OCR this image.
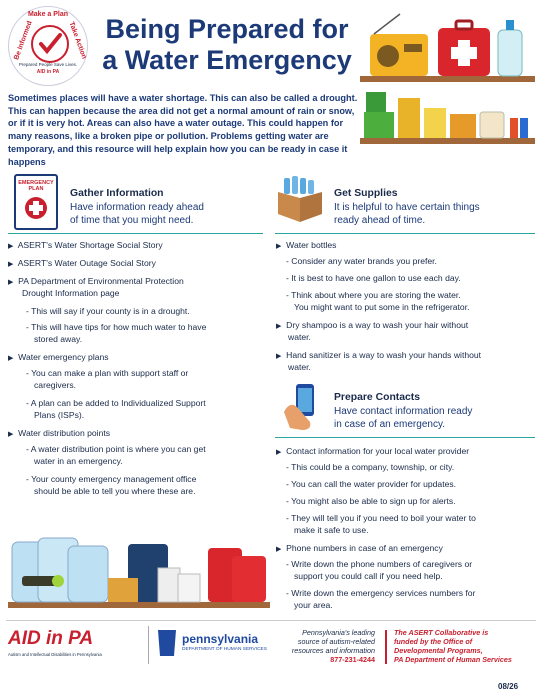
Make a Plan
Be Informed	Take Action
Prepared People Save Lives.
AID in PA
Being Prepared for
a Water Emergency
Sometimes places will have a water shortage. This can also be called a drought. This can happen because the area did not get a normal amount of rain or snow, or if it is very hot. Areas can also have a water outage. This could happen for many reasons, like a broken pipe or pollution. Problems getting water are temporary, and this resource will help explain how you can be ready in case it happens
EMERGENCY
PLAN	Gather Information
Have information ready ahead
of time that you might need.
▶ ASERT's Water Shortage Social Story
▶ ASERT's Water Outage Social Story
▶ PA Department of Environmental Protection
Drought Information page
- This will say if your county is in a drought.
- This will have tips for how much water to have
stored away.
▶ Water emergency plans
- You can make a plan with support staff or
caregivers.
- A plan can be added to Individualized Support
Plans (ISPs).
▶ Water distribution points
- A water distribution point is where you can get
water in an emergency.
- Your county emergency management office
should be able to tell you where these are.
Get Supplies
It is helpful to have certain things
ready ahead of time.
▶ Water bottles
- Consider any water brands you prefer.
- It is best to have one gallon to use each day.
- Think about where you are storing the water.
You might want to put some in the refrigerator.
▶ Dry shampoo is a way to wash your hair without
water.
▶ Hand sanitizer is a way to wash your hands without
water.
Prepare Contacts
Have contact information ready
in case of an emergency.
▶ Contact information for your local water provider
- This could be a company, township, or city.
- You can call the water provider for updates.
- You might also be able to sign up for alerts.
- They will tell you if you need to boil your water to
make it safe to use.
▶ Phone numbers in case of an emergency
- Write down the phone numbers of caregivers or
support you could call if you need help.
- Write down the emergency services numbers for
your area.
AID in PA
Autism and Intellectual Disabilities in Pennsylvania
pennsylvania
DEPARTMENT OF HUMAN SERVICES
Pennsylvania's leading
source of autism-related
resources and information
877-231-4244
The ASERT Collaborative is
funded by the Office of
Developmental Programs,
PA Department of Human Services
08/26
